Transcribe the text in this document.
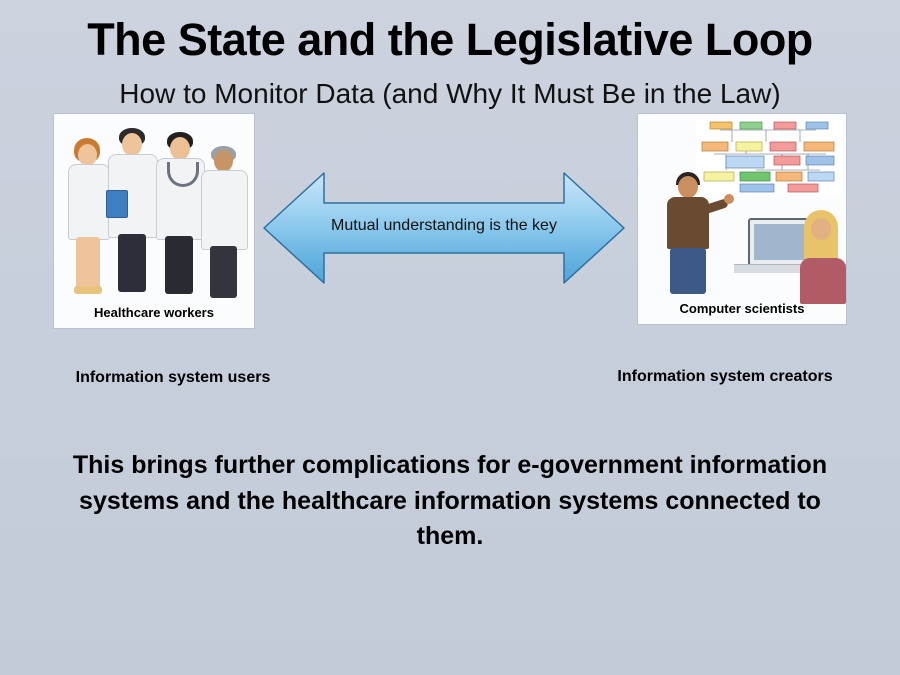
The State and the Legislative Loop
How to Monitor Data (and Why It Must Be in the Law)
Healthcare workers	Computer scientists
Mutual understanding is the key
Information system users	Information system creators
This brings further complications for e-government information systems and the healthcare information systems connected to them.
